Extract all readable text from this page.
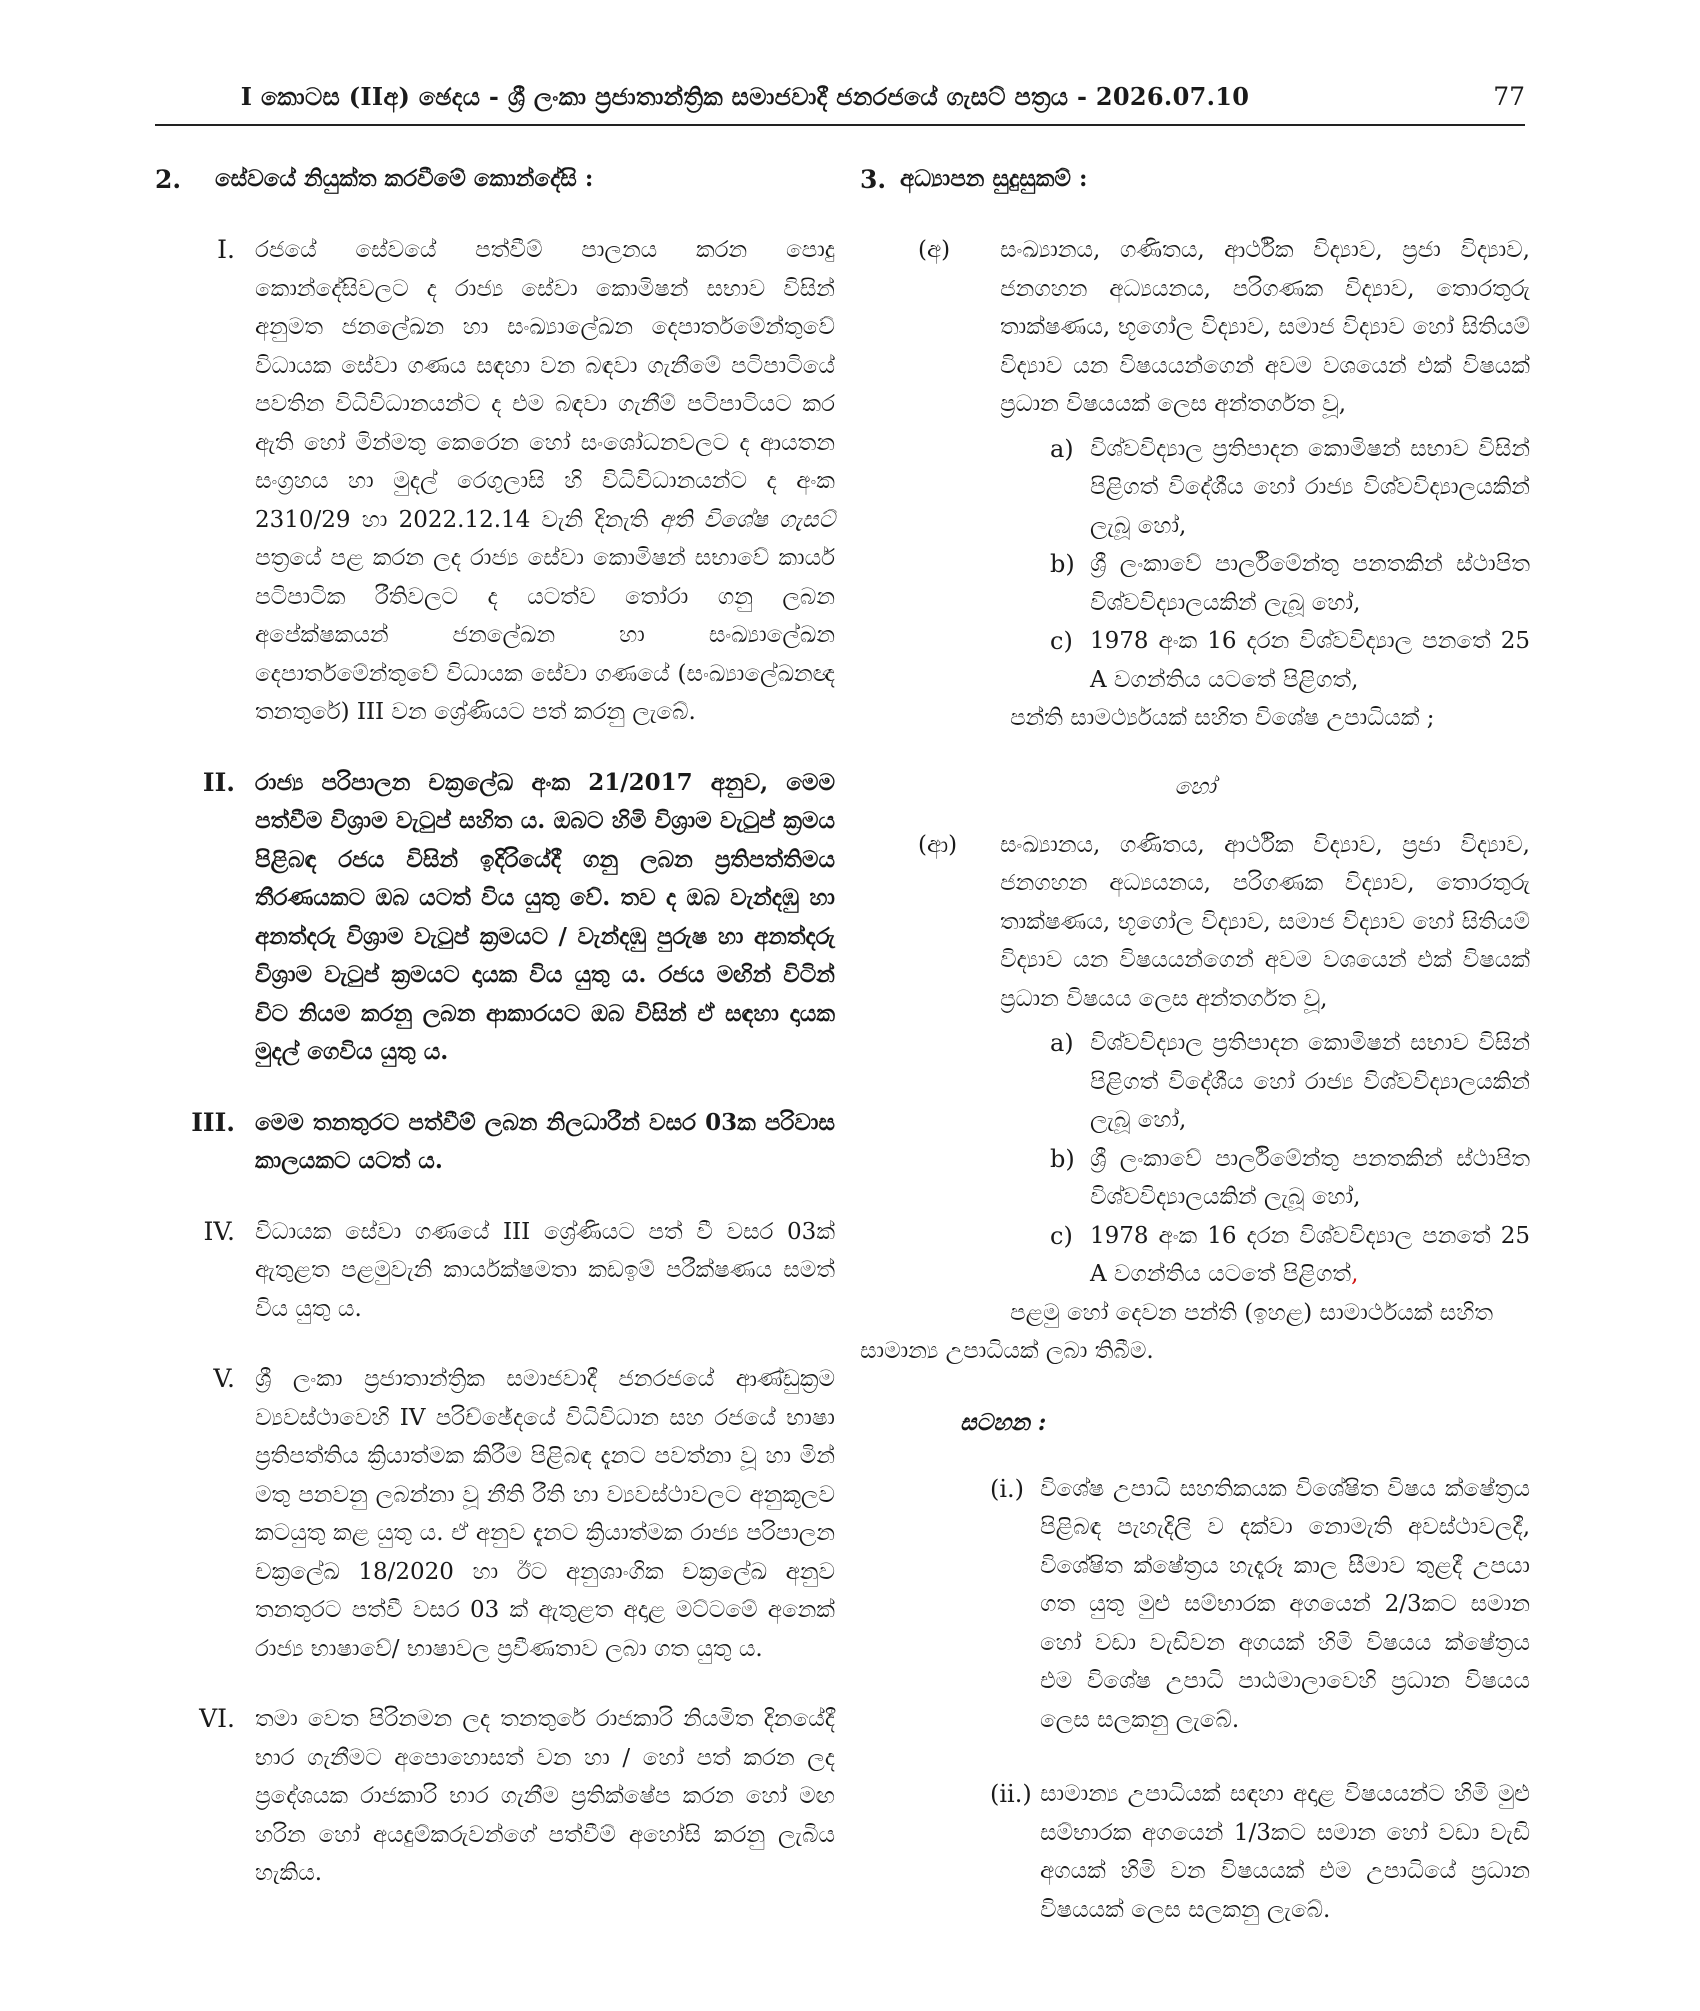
I කොටස (IIඅ) ඡෙදය - ශ්‍රී ලංකා ප්‍රජාතාන්ත්‍රික සමාජවාදී ජනරජයේ ගැසට් පත්‍රය - 2026.07.10	77
2. සේවයේ නියුක්ත කරවීමේ කොන්දේසි :
I. රජයේ සේවයේ පත්වීම් පාලනය කරන පොදු කොන්දේසිවලට ද රාජ්‍ය සේවා කොමිෂන් සභාව විසින් අනුමත ජනලේඛන හා සංඛ්‍යාලේඛන දෙපාර්තමේන්තුවේ විධායක සේවා ගණය සඳහා වන බඳවා ගැනීමේ පටිපාටියේ පවතින විධිවිධානයන්ට ද එම බඳවා ගැනීම් පටිපාටියට කර ඇති හෝ මින්මතු කෙරෙන හෝ සංශෝධනවලට ද ආයතන සංග්‍රහය හා මුදල් රෙගුලාසි හි විධිවිධානයන්ට ද අංක 2310/29 හා 2022.12.14 වැනි දිනැති අති විශේෂ ගැසට් පත්‍රයේ පළ කරන ලද රාජ්‍ය සේවා කොමිෂන් සභාවේ කාර්ය පටිපාටික රීතිවලට ද යටත්ව තෝරා ගනු ලබන අපේක්ෂකයන් ජනලේඛන හා සංඛ්‍යාලේඛන දෙපාර්තමේන්තුවේ විධායක සේවා ගණයේ (සංඛ්‍යාලේඛනඥ තනතුරේ) III වන ශ්‍රේණියට පත් කරනු ලැබේ.
II. රාජ්‍ය පරිපාලන චක්‍රලේඛ අංක 21/2017 අනුව, මෙම පත්වීම විශ්‍රාම වැටුප් සහිත ය. ඔබට හිමි විශ්‍රාම වැටුප් ක්‍රමය පිළිබඳ රජය විසින් ඉදිරියේදී ගනු ලබන ප්‍රතිපත්තිමය තීරණයකට ඔබ යටත් විය යුතු වේ. තව ද ඔබ වැන්දඹු හා අනත්දරු විශ්‍රාම වැටුප් ක්‍රමයට / වැන්දඹු පුරුෂ හා අනත්දරු විශ්‍රාම වැටුප් ක්‍රමයට දායක විය යුතු ය. රජය මඟින් විටින් විට නියම කරනු ලබන ආකාරයට ඔබ විසින් ඒ සඳහා දායක මුදල් ගෙවිය යුතු ය.
III. මෙම තනතුරට පත්වීම් ලබන නිලධාරීන් වසර 03ක පරිවාස කාලයකට යටත් ය.
IV. විධායක සේවා ගණයේ III ශ්‍රේණියට පත් වී වසර 03ක් ඇතුළත පළමුවැනි කාර්යක්ෂමතා කඩඉම් පරීක්ෂණය සමත් විය යුතු ය.
V. ශ්‍රී ලංකා ප්‍රජාතාන්ත්‍රික සමාජවාදී ජනරජයේ ආණ්ඩුක්‍රම ව්‍යවස්ථාවෙහි IV පරිච්ඡේදයේ විධිවිධාන සහ රජයේ භාෂා ප්‍රතිපත්තිය ක්‍රියාත්මක කිරීම පිළිබඳ දැනට පවත්නා වූ හා මින් මතු පනවනු ලබන්නා වූ නීති රීති හා ව්‍යවස්ථාවලට අනුකූලව කටයුතු කළ යුතු ය. ඒ අනුව දැනට ක්‍රියාත්මක රාජ්‍ය පරිපාලන චක්‍රලේඛ 18/2020 හා ඊට අනුශාංගික චක්‍රලේඛ අනුව තනතුරට පත්වී වසර 03 ක් ඇතුළත අදාළ මට්ටමේ අනෙක් රාජ්‍ය භාෂාවේ/ භාෂාවල ප්‍රවීණතාව ලබා ගත යුතු ය.
VI. තමා වෙත පිරිනමන ලද තනතුරේ රාජකාරි නියමිත දිනයේදී භාර ගැනීමට අපොහොසත් වන හා / හෝ පත් කරන ලද ප්‍රදේශයක රාජකාරි භාර ගැනීම ප්‍රතික්ෂේප කරන හෝ මඟ හරින හෝ අයදුම්කරුවන්ගේ පත්වීම් අහෝසි කරනු ලැබිය හැකිය.
3. අධ්‍යාපන සුදුසුකම් :
(අ) සංඛ්‍යානය, ගණිතය, ආර්ථික විද්‍යාව, ප්‍රජා විද්‍යාව, ජනගහන අධ්‍යයනය, පරිගණක විද්‍යාව, තොරතුරු තාක්ෂණය, භූගෝල විද්‍යාව, සමාජ විද්‍යාව හෝ සිතියම් විද්‍යාව යන විෂයයන්ගෙන් අවම වශයෙන් එක් විෂයක් ප්‍රධාන විෂයයක් ලෙස අන්තර්ගත වූ,
a) විශ්වවිද්‍යාල ප්‍රතිපාදන කොමිෂන් සභාව විසින් පිළිගත් විදේශීය හෝ රාජ්‍ය විශ්වවිද්‍යාලයකින් ලැබූ හෝ,
b) ශ්‍රී ලංකාවේ පාර්ලිමේන්තු පනතකින් ස්ථාපිත විශ්වවිද්‍යාලයකින් ලැබූ හෝ,
c) 1978 අංක 16 දරන විශ්වවිද්‍යාල පනතේ 25 A වගන්තිය යටතේ පිළිගත්,
පන්ති සාමර්ථ්‍යයක් සහිත විශේෂ උපාධියක් ;
හෝ
(ආ) සංඛ්‍යානය, ගණිතය, ආර්ථික විද්‍යාව, ප්‍රජා විද්‍යාව, ජනගහන අධ්‍යයනය, පරිගණක විද්‍යාව, තොරතුරු තාක්ෂණය, භූගෝල විද්‍යාව, සමාජ විද්‍යාව හෝ සිතියම් විද්‍යාව යන විෂයයන්ගෙන් අවම වශයෙන් එක් විෂයක් ප්‍රධාන විෂයය ලෙස අන්තර්ගත වූ,
a) විශ්වවිද්‍යාල ප්‍රතිපාදන කොමිෂන් සභාව විසින් පිළිගත් විදේශීය හෝ රාජ්‍ය විශ්වවිද්‍යාලයකින් ලැබූ හෝ,
b) ශ්‍රී ලංකාවේ පාර්ලිමේන්තු පනතකින් ස්ථාපිත විශ්වවිද්‍යාලයකින් ලැබූ හෝ,
c) 1978 අංක 16 දරන විශ්වවිද්‍යාල පනතේ 25 A වගන්තිය යටතේ පිළිගත්,
පළමු හෝ දෙවන පන්ති (ඉහළ) සාමාර්ථයක් සහිත
සාමාන්‍ය උපාධියක් ලබා තිබීම.
සටහන :
(i.) විශේෂ උපාධි සහතිකයක විශේෂිත විෂය ක්ෂේත්‍රය පිළිබඳ පැහැදිලි ව දක්වා නොමැති අවස්ථාවලදී, විශේෂිත ක්ෂේත්‍රය හැදෑරූ කාල සීමාව තුළදී උපයා ගත යුතු මුළු සම්භාරක අගයෙන් 2/3කට සමාන හෝ වඩා වැඩිවන අගයක් හිමි විෂයය ක්ෂේත්‍රය එම විශේෂ උපාධි පාඨමාලාවෙහි ප්‍රධාන විෂයය ලෙස සලකනු ලැබේ.
(ii.) සාමාන්‍ය උපාධියක් සඳහා අදාළ විෂයයන්ට හිමි මුළු සම්භාරක අගයෙන් 1/3කට සමාන හෝ වඩා වැඩි අගයක් හිමි වන විෂයයක් එම උපාධියේ ප්‍රධාන විෂයයක් ලෙස සලකනු ලැබේ.
